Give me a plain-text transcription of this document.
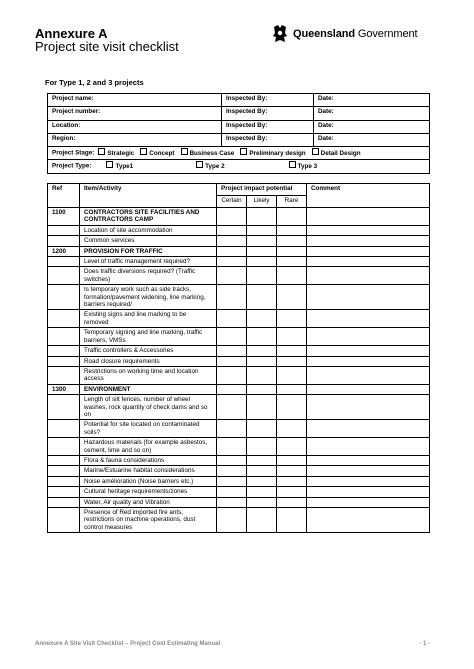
Annexure A
Project site visit checklist
Queensland Government
For Type 1, 2 and 3 projects
Project name:	Inspected By:	Date:
Project number:	Inspected By:	Date:
Location:	Inspected By:	Date:
Region:	Inspected By:	Date:
Project Stage: Strategic Concept Business Case Preliminary design Detail Design		
Project Type: Type1 Type 2 Type 3		
Ref	Item/Activity	Project impact potential			Comment
		Certain	Likely	Rare	
1100	CONTRACTORS SITE FACILITIES AND CONTRACTORS CAMP				
	Location of site accommodation				
	Common services				
1200	PROVISION FOR TRAFFIC				
	Level of traffic management required?				
	Does traffic diversions required? (Traffic switches)				
	Is temporary work such as side tracks, formation/pavement widening, line marking, barriers required/				
	Existing signs and line marking to be removed				
	Temporary signing and line marking, traffic barriers, VMSs				
	Traffic controllers & Accessories				
	Road closure requirements				
	Restrictions on working time and location access				
1300	ENVIRONMENT				
	Length of silt fences, number of wheel washes, rock quantity of check dams and so on				
	Potential for site located on contaminated soils?				
	Hazardous materials (for example asbestos, cement, lime and so on)				
	Flora & fauna considerations				
	Marine/Estuarine habitat considerations				
	Noise amélioration (Noise barriers etc.)				
	Cultural heritage requirements/zones				
	Water, Air quality and Vibration				
	Presence of Red imported fire ants, restrictions on machine operations, dust control measures				
Annexure A Site Visit Checklist – Project Cost Estimating Manual	- 1 -
